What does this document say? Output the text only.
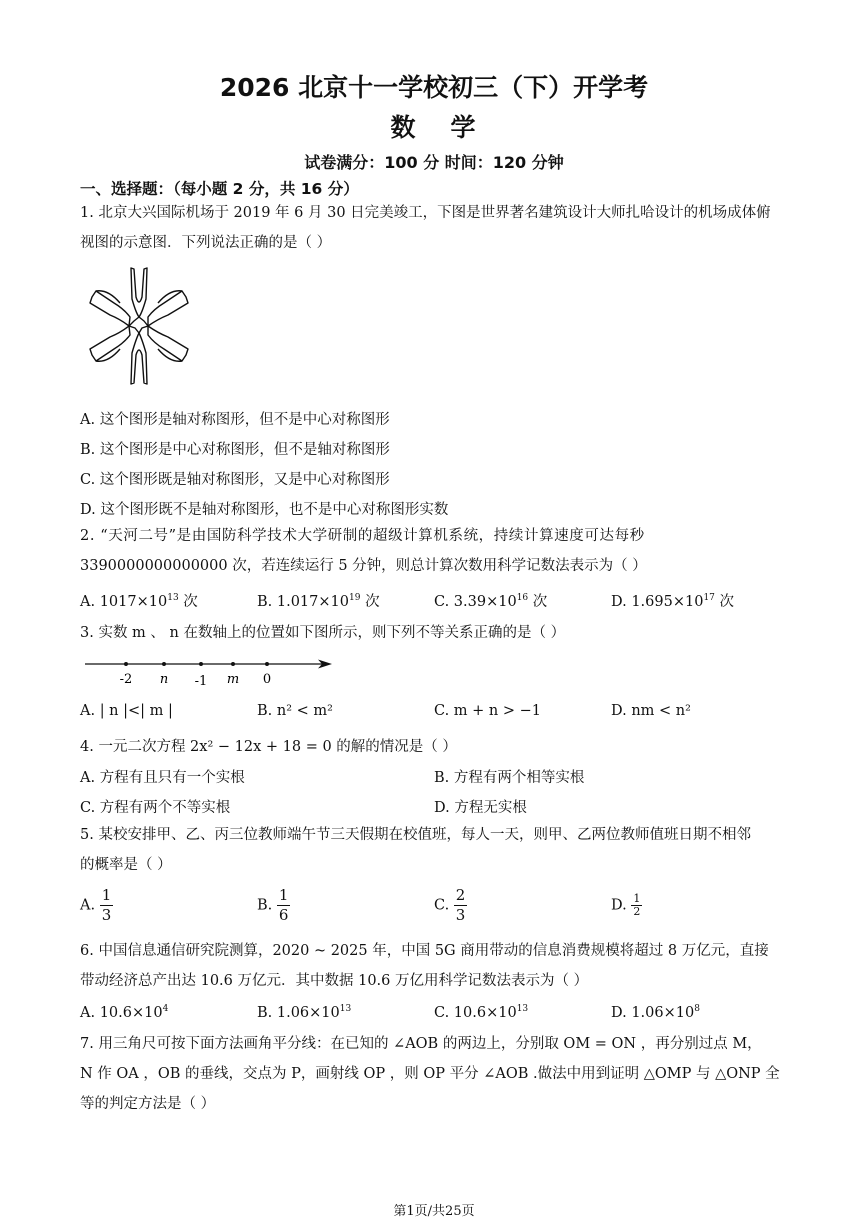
2026 北京十一学校初三（下）开学考
数 学
试卷满分：100 分 时间：120 分钟
一、选择题：（每小题 2 分，共 16 分）
1. 北京大兴国际机场于 2019 年 6 月 30 日完美竣工，下图是世界著名建筑设计大师扎哈设计的机场成体俯
视图的示意图．下列说法正确的是（ ）
A. 这个图形是轴对称图形，但不是中心对称图形
B. 这个图形是中心对称图形，但不是轴对称图形
C. 这个图形既是轴对称图形，又是中心对称图形
D. 这个图形既不是轴对称图形，也不是中心对称图形实数
2. “天河二号”是由国防科学技术大学研制的超级计算机系统，持续计算速度可达每秒
3390000000000000 次，若连续运行 5 分钟，则总计算次数用科学记数法表示为（ ）
A. $1017\times 10^{13}$ 次	B. $1.017\times 10^{19}$ 次	C. $3.39\times 10^{16}$ 次	D. $1.695\times 10^{17}$ 次
3. 实数 m 、 n 在数轴上的位置如下图所示，则下列不等关系正确的是（ ）
-2 n -1 m 0
A. | n |<| m |	B. n² < m²	C. m + n > −1	D. nm < n²
4. 一元二次方程 2x² − 12x + 18 = 0 的解的情况是（ ）
A. 方程有且只有一个实根	B. 方程有两个相等实根
C. 方程有两个不等实根	D. 方程无实根
5. 某校安排甲、乙、丙三位教师端午节三天假期在校值班，每人一天，则甲、乙两位教师值班日期不相邻
的概率是（ ）
A. $\frac{1}{3}$	B. $\frac{1}{6}$	C. $\frac{2}{3}$	D. $\frac{1}{2}$
6. 中国信息通信研究院测算，2020 ~ 2025 年，中国 5G 商用带动的信息消费规模将超过 8 万亿元，直接
带动经济总产出达 10.6 万亿元．其中数据 10.6 万亿用科学记数法表示为（ ）
A. $10.6\times 10^4$	B. $1.06\times 10^{13}$	C. $10.6\times 10^{13}$	D. $1.06\times 10^8$
7. 用三角尺可按下面方法画角平分线：在已知的 ∠AOB 的两边上，分别取 OM = ON ，再分别过点 M，
N 作 OA ，OB 的垂线，交点为 P，画射线 OP ，则 OP 平分 ∠AOB .做法中用到证明 △OMP 与 △ONP 全
等的判定方法是（ ）
第1页/共25页
